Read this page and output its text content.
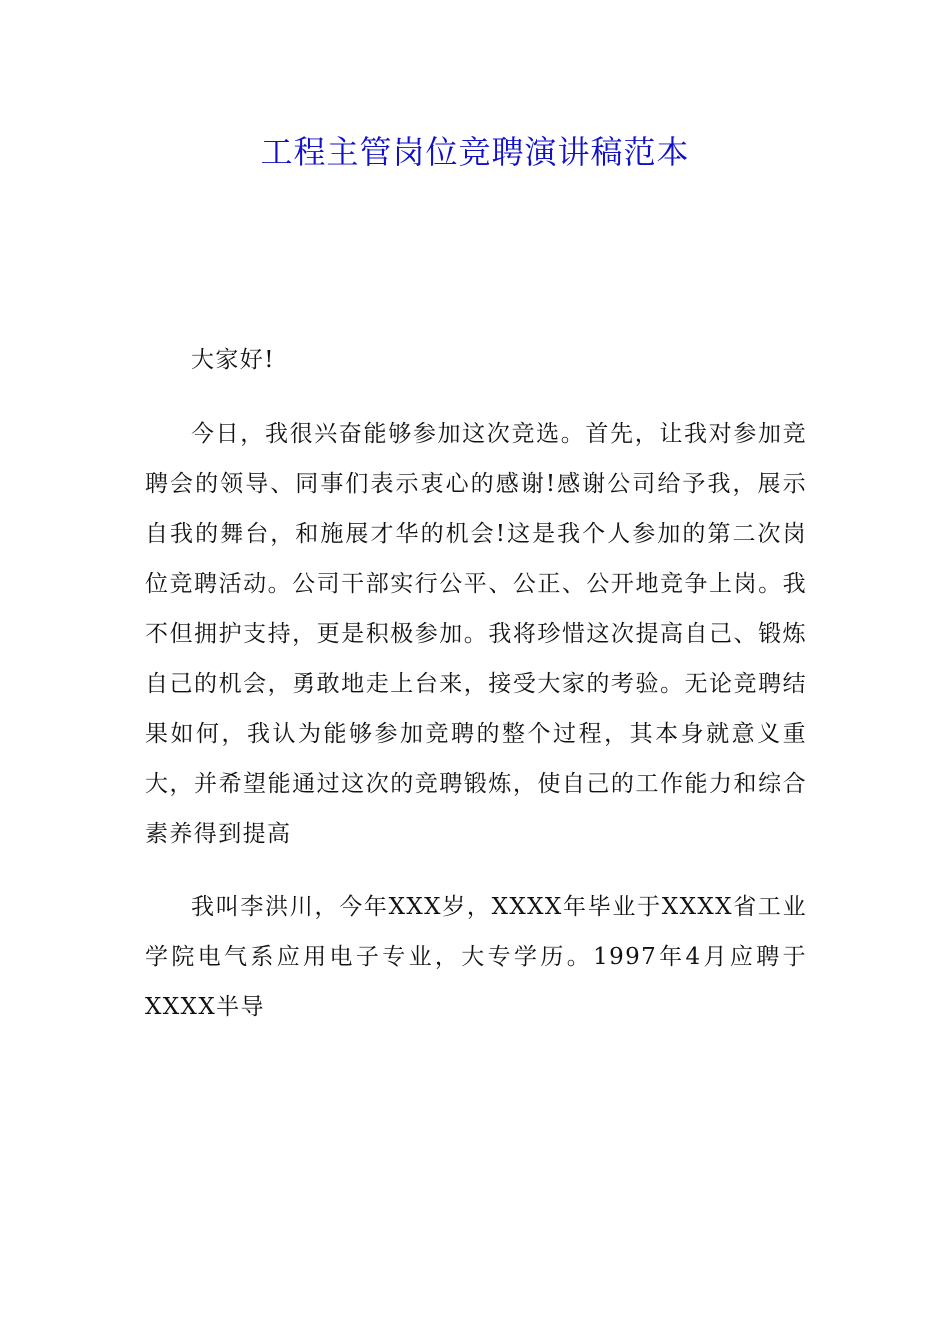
工程主管岗位竞聘演讲稿范本

大家好!

今日，我很兴奋能够参加这次竞选。首先，让我对参加竞聘会的领导、同事们表示衷心的感谢!感谢公司给予我，展示自我的舞台，和施展才华的机会!这是我个人参加的第二次岗位竞聘活动。公司干部实行公平、公正、公开地竞争上岗。我不但拥护支持，更是积极参加。我将珍惜这次提高自己、锻炼自己的机会，勇敢地走上台来，接受大家的考验。无论竞聘结果如何，我认为能够参加竞聘的整个过程，其本身就意义重大，并希望能通过这次的竞聘锻炼，使自己的工作能力和综合素养得到提高

我叫李洪川，今年XXX岁，XXXX年毕业于XXXX省工业学院电气系应用电子专业，大专学历。1997年4月应聘于XXXX半导
